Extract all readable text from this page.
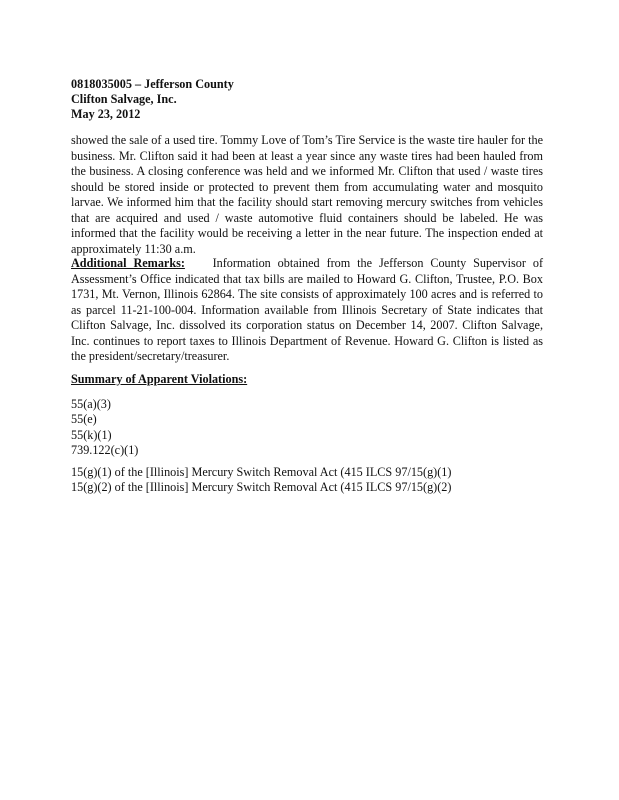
0818035005 – Jefferson County
Clifton Salvage, Inc.
May 23, 2012

showed the sale of a used tire. Tommy Love of Tom’s Tire Service is the waste tire hauler for the business. Mr. Clifton said it had been at least a year since any waste tires had been hauled from the business. A closing conference was held and we informed Mr. Clifton that used / waste tires should be stored inside or protected to prevent them from accumulating water and mosquito larvae. We informed him that the facility should start removing mercury switches from vehicles that are acquired and used / waste automotive fluid containers should be labeled. He was informed that the facility would be receiving a letter in the near future. The inspection ended at approximately 11:30 a.m.

Additional Remarks: Information obtained from the Jefferson County Supervisor of Assessment’s Office indicated that tax bills are mailed to Howard G. Clifton, Trustee, P.O. Box 1731, Mt. Vernon, Illinois 62864. The site consists of approximately 100 acres and is referred to as parcel 11-21-100-004. Information available from Illinois Secretary of State indicates that Clifton Salvage, Inc. dissolved its corporation status on December 14, 2007. Clifton Salvage, Inc. continues to report taxes to Illinois Department of Revenue. Howard G. Clifton is listed as the president/secretary/treasurer.

Summary of Apparent Violations:
55(a)(3)
55(e)
55(k)(1)
739.122(c)(1)
15(g)(1) of the [Illinois] Mercury Switch Removal Act (415 ILCS 97/15(g)(1)
15(g)(2) of the [Illinois] Mercury Switch Removal Act (415 ILCS 97/15(g)(2)
